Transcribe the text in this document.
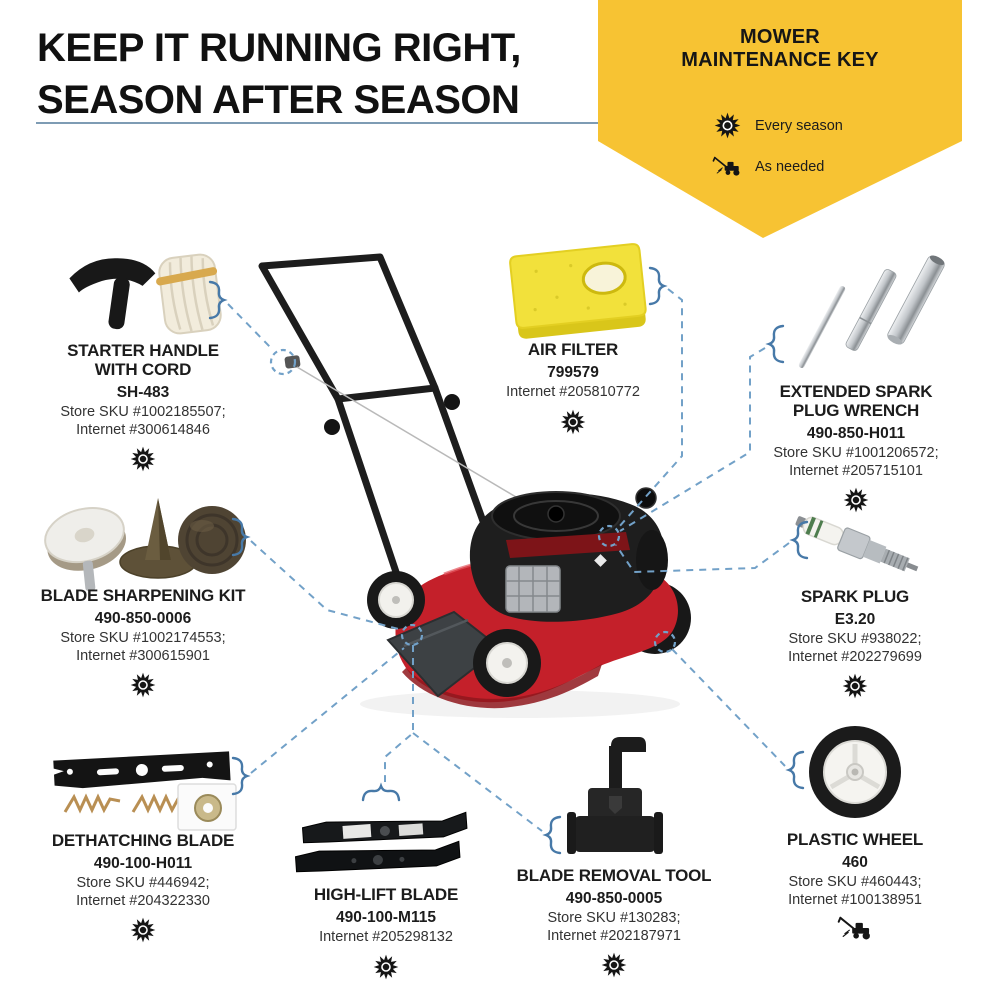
KEEP IT RUNNING RIGHT,
SEASON AFTER SEASON
MOWER
MAINTENANCE KEY
Every season
As needed
STARTER HANDLE
WITH CORD
SH-483
Store SKU #1002185507;
Internet #300614846
AIR FILTER
799579
Internet #205810772	EXTENDED SPARK
PLUG WRENCH
490-850-H011
Store SKU #1001206572;
Internet #205715101
BLADE SHARPENING KIT
490-850-0006
Store SKU #1002174553;
Internet #300615901
SPARK PLUG
E3.20
Store SKU #938022;
Internet #202279699
DETHATCHING BLADE
490-100-H011
Store SKU #446942;
Internet #204322330	HIGH-LIFT BLADE
490-100-M115
Internet #205298132
BLADE REMOVAL TOOL
490-850-0005
Store SKU #130283;
Internet #202187971
PLASTIC WHEEL
460
Store SKU #460443;
Internet #100138951
